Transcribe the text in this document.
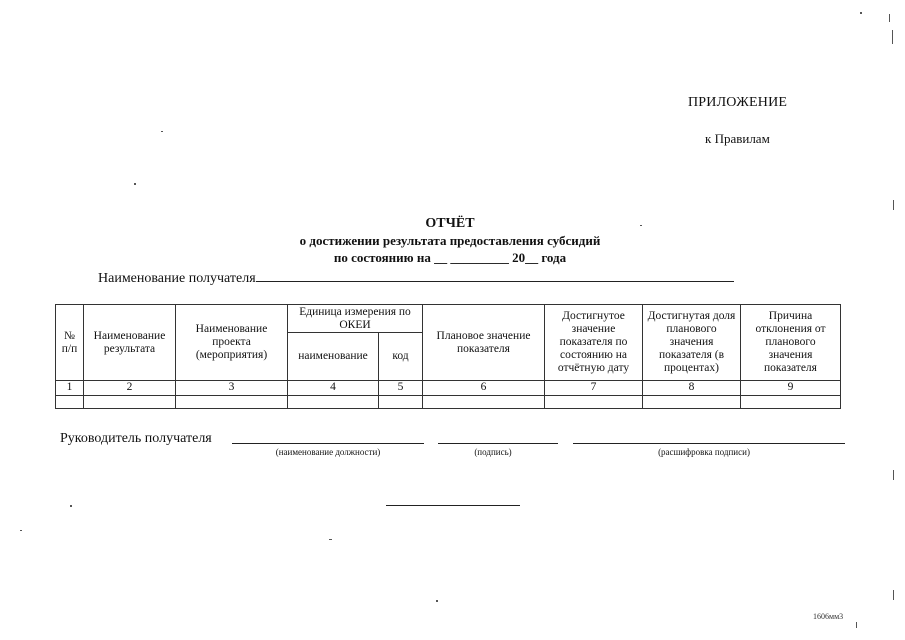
ПРИЛОЖЕНИЕ
к Правилам
ОТЧЁТ
о достижении результата предоставления субсидий
по состоянию на __ _________ 20__ года
Наименование получателя
№ п/п	Наименование результата	Наименование проекта (мероприятия)	Единица измерения по ОКЕИ		Плановое значение показателя	Достигнутое значение показателя по состоянию на отчётную дату	Достигнутая доля планового значения показателя (в процентах)	Причина отклонения от планового значения показателя
			наименование	код				
1	2	3	4	5	6	7	8	9

Руководитель получателя
(наименование должности)	(подпись)	(расшифровка подписи)
1606мм3
